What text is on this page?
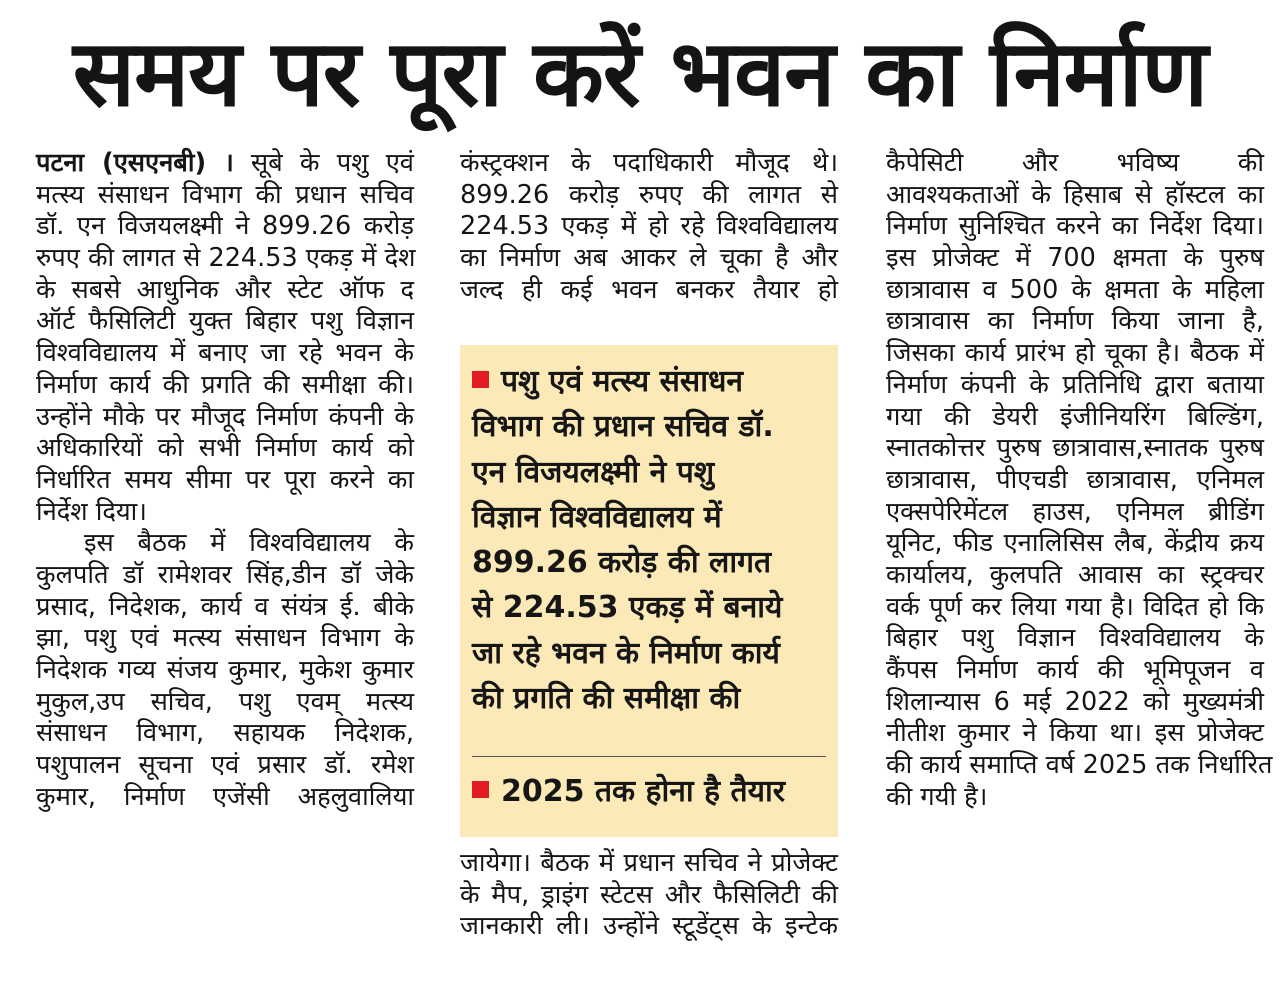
समय पर पूरा करें भवन का निर्माण
पटना (एसएनबी) । सूबे के पशु एवं
मत्स्य संसाधन विभाग की प्रधान सचिव
डॉ. एन विजयलक्ष्मी ने 899.26 करोड़
रुपए की लागत से 224.53 एकड़ में देश
के सबसे आधुनिक और स्टेट ऑफ द
ऑर्ट फैसिलिटी युक्त बिहार पशु विज्ञान
विश्वविद्यालय में बनाए जा रहे भवन के
निर्माण कार्य की प्रगति की समीक्षा की।
उन्होंने मौके पर मौजूद निर्माण कंपनी के
अधिकारियों को सभी निर्माण कार्य को
निर्धारित समय सीमा पर पूरा करने का
निर्देश दिया।
इस बैठक में विश्वविद्यालय के
कुलपति डॉ रामेशवर सिंह,डीन डॉ जेके
प्रसाद, निदेशक, कार्य व संयंत्र ई. बीके
झा, पशु एवं मत्स्य संसाधन विभाग के
निदेशक गव्य संजय कुमार, मुकेश कुमार
मुकुल,उप सचिव, पशु एवम् मत्स्य
संसाधन विभाग, सहायक निदेशक,
पशुपालन सूचना एवं प्रसार डॉ. रमेश
कुमार, निर्माण एजेंसी अहलुवालिया
कंस्ट्रक्शन के पदाधिकारी मौजूद थे।
899.26 करोड़ रुपए की लागत से
224.53 एकड़ में हो रहे विश्वविद्यालय
का निर्माण अब आकर ले चूका है और
जल्द ही कई भवन बनकर तैयार हो
पशु एवं मत्स्य संसाधन
विभाग की प्रधान सचिव डॉ.
एन विजयलक्ष्मी ने पशु
विज्ञान विश्वविद्यालय में
899.26 करोड़ की लागत
से 224.53 एकड़ में बनाये
जा रहे भवन के निर्माण कार्य
की प्रगति की समीक्षा की
2025 तक होना है तैयार
जायेगा। बैठक में प्रधान सचिव ने प्रोजेक्ट
के मैप, ड्राइंग स्टेटस और फैसिलिटी की
जानकारी ली। उन्होंने स्टूडेंट्स के इन्टेक
कैपेसिटी और भविष्य की
आवश्यकताओं के हिसाब से हॉस्टल का
निर्माण सुनिश्चित करने का निर्देश दिया।
इस प्रोजेक्ट में 700 क्षमता के पुरुष
छात्रावास व 500 के क्षमता के महिला
छात्रावास का निर्माण किया जाना है,
जिसका कार्य प्रारंभ हो चूका है। बैठक में
निर्माण कंपनी के प्रतिनिधि द्वारा बताया
गया की डेयरी इंजीनियरिंग बिल्डिंग,
स्नातकोत्तर पुरुष छात्रावास,स्नातक पुरुष
छात्रावास, पीएचडी छात्रावास, एनिमल
एक्सपेरिमेंटल हाउस, एनिमल ब्रीडिंग
यूनिट, फीड एनालिसिस लैब, केंद्रीय क्रय
कार्यालय, कुलपति आवास का स्ट्रक्चर
वर्क पूर्ण कर लिया गया है। विदित हो कि
बिहार पशु विज्ञान विश्वविद्यालय के
कैंपस निर्माण कार्य की भूमिपूजन व
शिलान्यास 6 मई 2022 को मुख्यमंत्री
नीतीश कुमार ने किया था। इस प्रोजेक्ट
की कार्य समाप्ति वर्ष 2025 तक निर्धारित
की गयी है।
